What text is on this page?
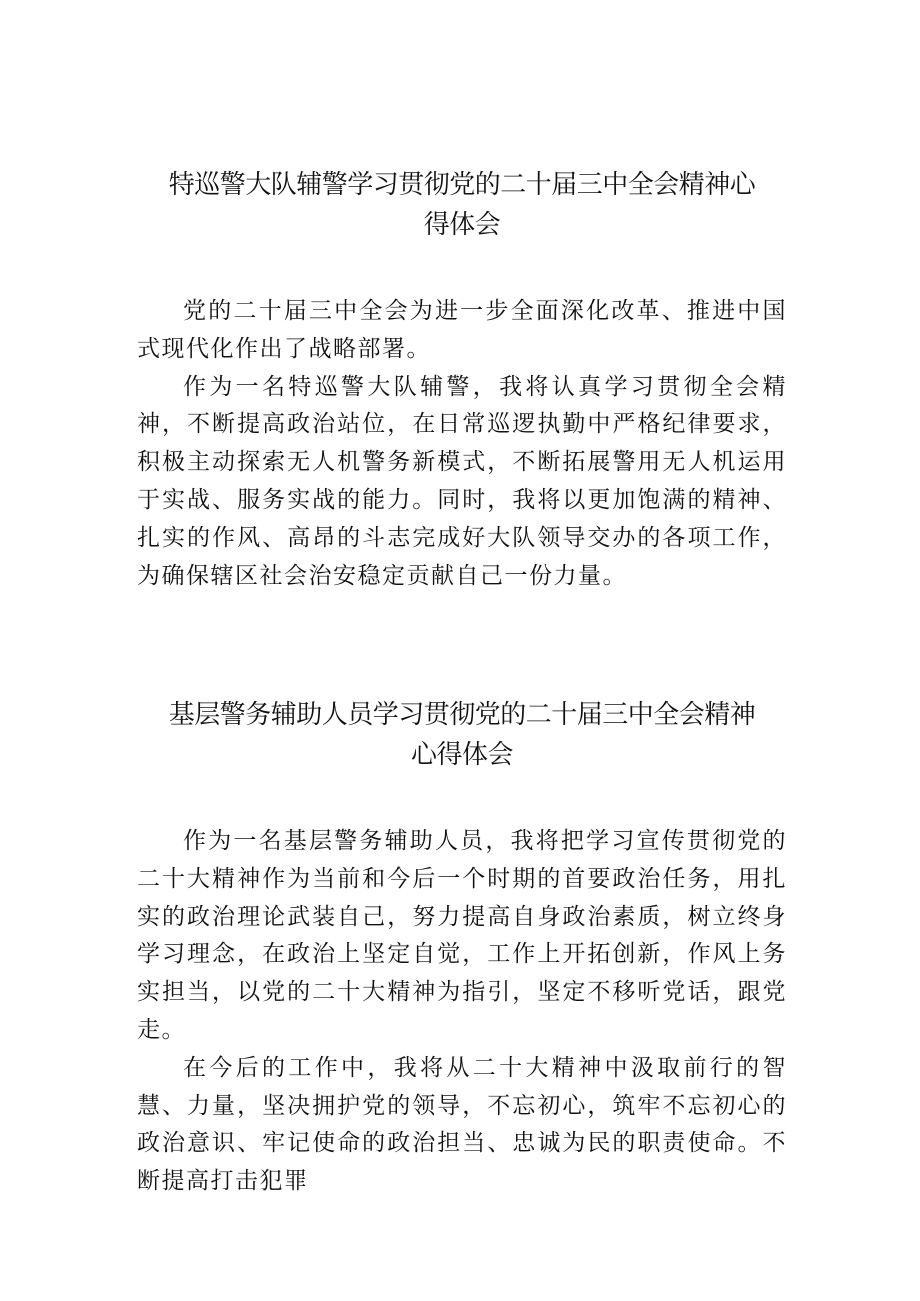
特巡警大队辅警学习贯彻党的二十届三中全会精神心
得体会

党的二十届三中全会为进一步全面深化改革、推进中国式现代化作出了战略部署。

作为一名特巡警大队辅警，我将认真学习贯彻全会精神，不断提高政治站位，在日常巡逻执勤中严格纪律要求，积极主动探索无人机警务新模式，不断拓展警用无人机运用于实战、服务实战的能力。同时，我将以更加饱满的精神、扎实的作风、高昂的斗志完成好大队领导交办的各项工作，为确保辖区社会治安稳定贡献自己一份力量。

基层警务辅助人员学习贯彻党的二十届三中全会精神
心得体会

作为一名基层警务辅助人员，我将把学习宣传贯彻党的二十大精神作为当前和今后一个时期的首要政治任务，用扎实的政治理论武装自己，努力提高自身政治素质，树立终身学习理念，在政治上坚定自觉，工作上开拓创新，作风上务实担当，以党的二十大精神为指引，坚定不移听党话，跟党走。

在今后的工作中，我将从二十大精神中汲取前行的智慧、力量，坚决拥护党的领导，不忘初心，筑牢不忘初心的政治意识、牢记使命的政治担当、忠诚为民的职责使命。不断提高打击犯罪
